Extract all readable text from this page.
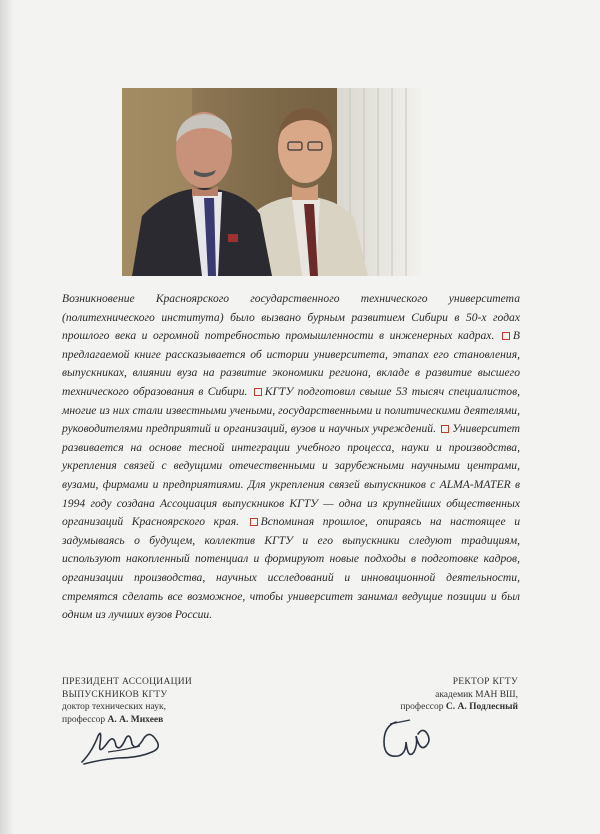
Возникновение Красноярского государственного технического университета (политехнического института) было вызвано бурным развитием Сибири в 50-х годах прошлого века и огромной потребностью промышленности в инженерных кадрах. В предлагаемой книге рассказывается об истории университета, этапах его становления, выпускниках, влиянии вуза на развитие экономики региона, вкладе в развитие высшего технического образования в Сибири. КГТУ подготовил свыше 53 тысяч специалистов, многие из них стали известными учеными, государственными и политическими деятелями, руководителями предприятий и организаций, вузов и научных учреждений. Университет развивается на основе тесной интеграции учебного процесса, науки и производства, укрепления связей с ведущими отечественными и зарубежными научными центрами, вузами, фирмами и предприятиями. Для укрепления связей выпускников с ALMA-MATER в 1994 году создана Ассоциация выпускников КГТУ — одна из крупнейших общественных организаций Красноярского края. Вспоминая прошлое, опираясь на настоящее и задумываясь о будущем, коллектив КГТУ и его выпускники следуют традициям, используют накопленный потенциал и формируют новые подходы в подготовке кадров, организации производства, научных исследований и инновационной деятельности, стремятся сделать все возможное, чтобы университет занимал ведущие позиции и был одним из лучших вузов России.

ПРЕЗИДЕНТ АССОЦИАЦИИ
ВЫПУСКНИКОВ КГТУ
доктор технических наук,
профессор А. А. Михеев
РЕКТОР КГТУ
академик МАН ВШ,
профессор С. А. Подлесный
